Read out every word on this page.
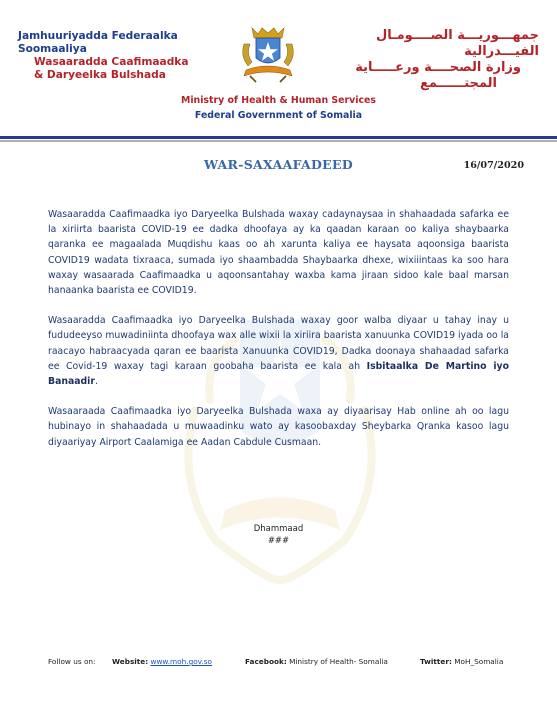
Jamhuuriyadda Federaalka Soomaaliya
Wasaaradda Caafimaadka
& Daryeelka Bulshada
جمهـــوريـــة الصــــومـال الفيـــدرالية
وزارة الصحــــة ورعـــــاية
المجتــــــمع
Ministry of Health & Human Services
Federal Government of Somalia
WAR-SAXAAFADEED	16/07/2020

Wasaaradda Caafimaadka iyo Daryeelka Bulshada waxay cadaynaysaa in shahaadada safarka ee la xiriirta baarista COVID-19 ee dadka dhoofaya ay ka qaadan karaan oo kaliya shaybaarka qaranka ee magaalada Muqdishu kaas oo ah xarunta kaliya ee haysata aqoonsiga baarista COVID19 wadata tixraaca, sumada iyo shaambadda Shaybaarka dhexe, wixiiintaas ka soo hara waxay wasaarada Caafimaadka u aqoonsantahay waxba kama jiraan sidoo kale baal marsan hanaanka baarista ee COVID19.

Wasaaradda Caafimaadka iyo Daryeelka Bulshada waxay goor walba diyaar u tahay inay u fududeeyso muwadiniinta dhoofaya wax alle wixii la xiriira baarista xanuunka COVID19 iyada oo la raacayo habraacyada qaran ee baarista Xanuunka COVID19, Dadka doonaya shahaadad safarka ee Covid-19 waxay tagi karaan goobaha baarista ee kala ah Isbitaalka De Martino iyo Banaadir.

Wasaaraada Caafimaadka iyo Daryeelka Bulshada waxa ay diyaarisay Hab online ah oo lagu hubinayo in shahaadada u muwaadinku wato ay kasoobaxday Sheybarka Qranka kasoo lagu diyaariyay Airport Caalamiga ee Aadan Cabdule Cusmaan.

Dhammaad
###
Follow us on: Website: www.moh.gov.so	Facebook: Ministry of Health- Somalia	Twitter: MoH_Somalia
